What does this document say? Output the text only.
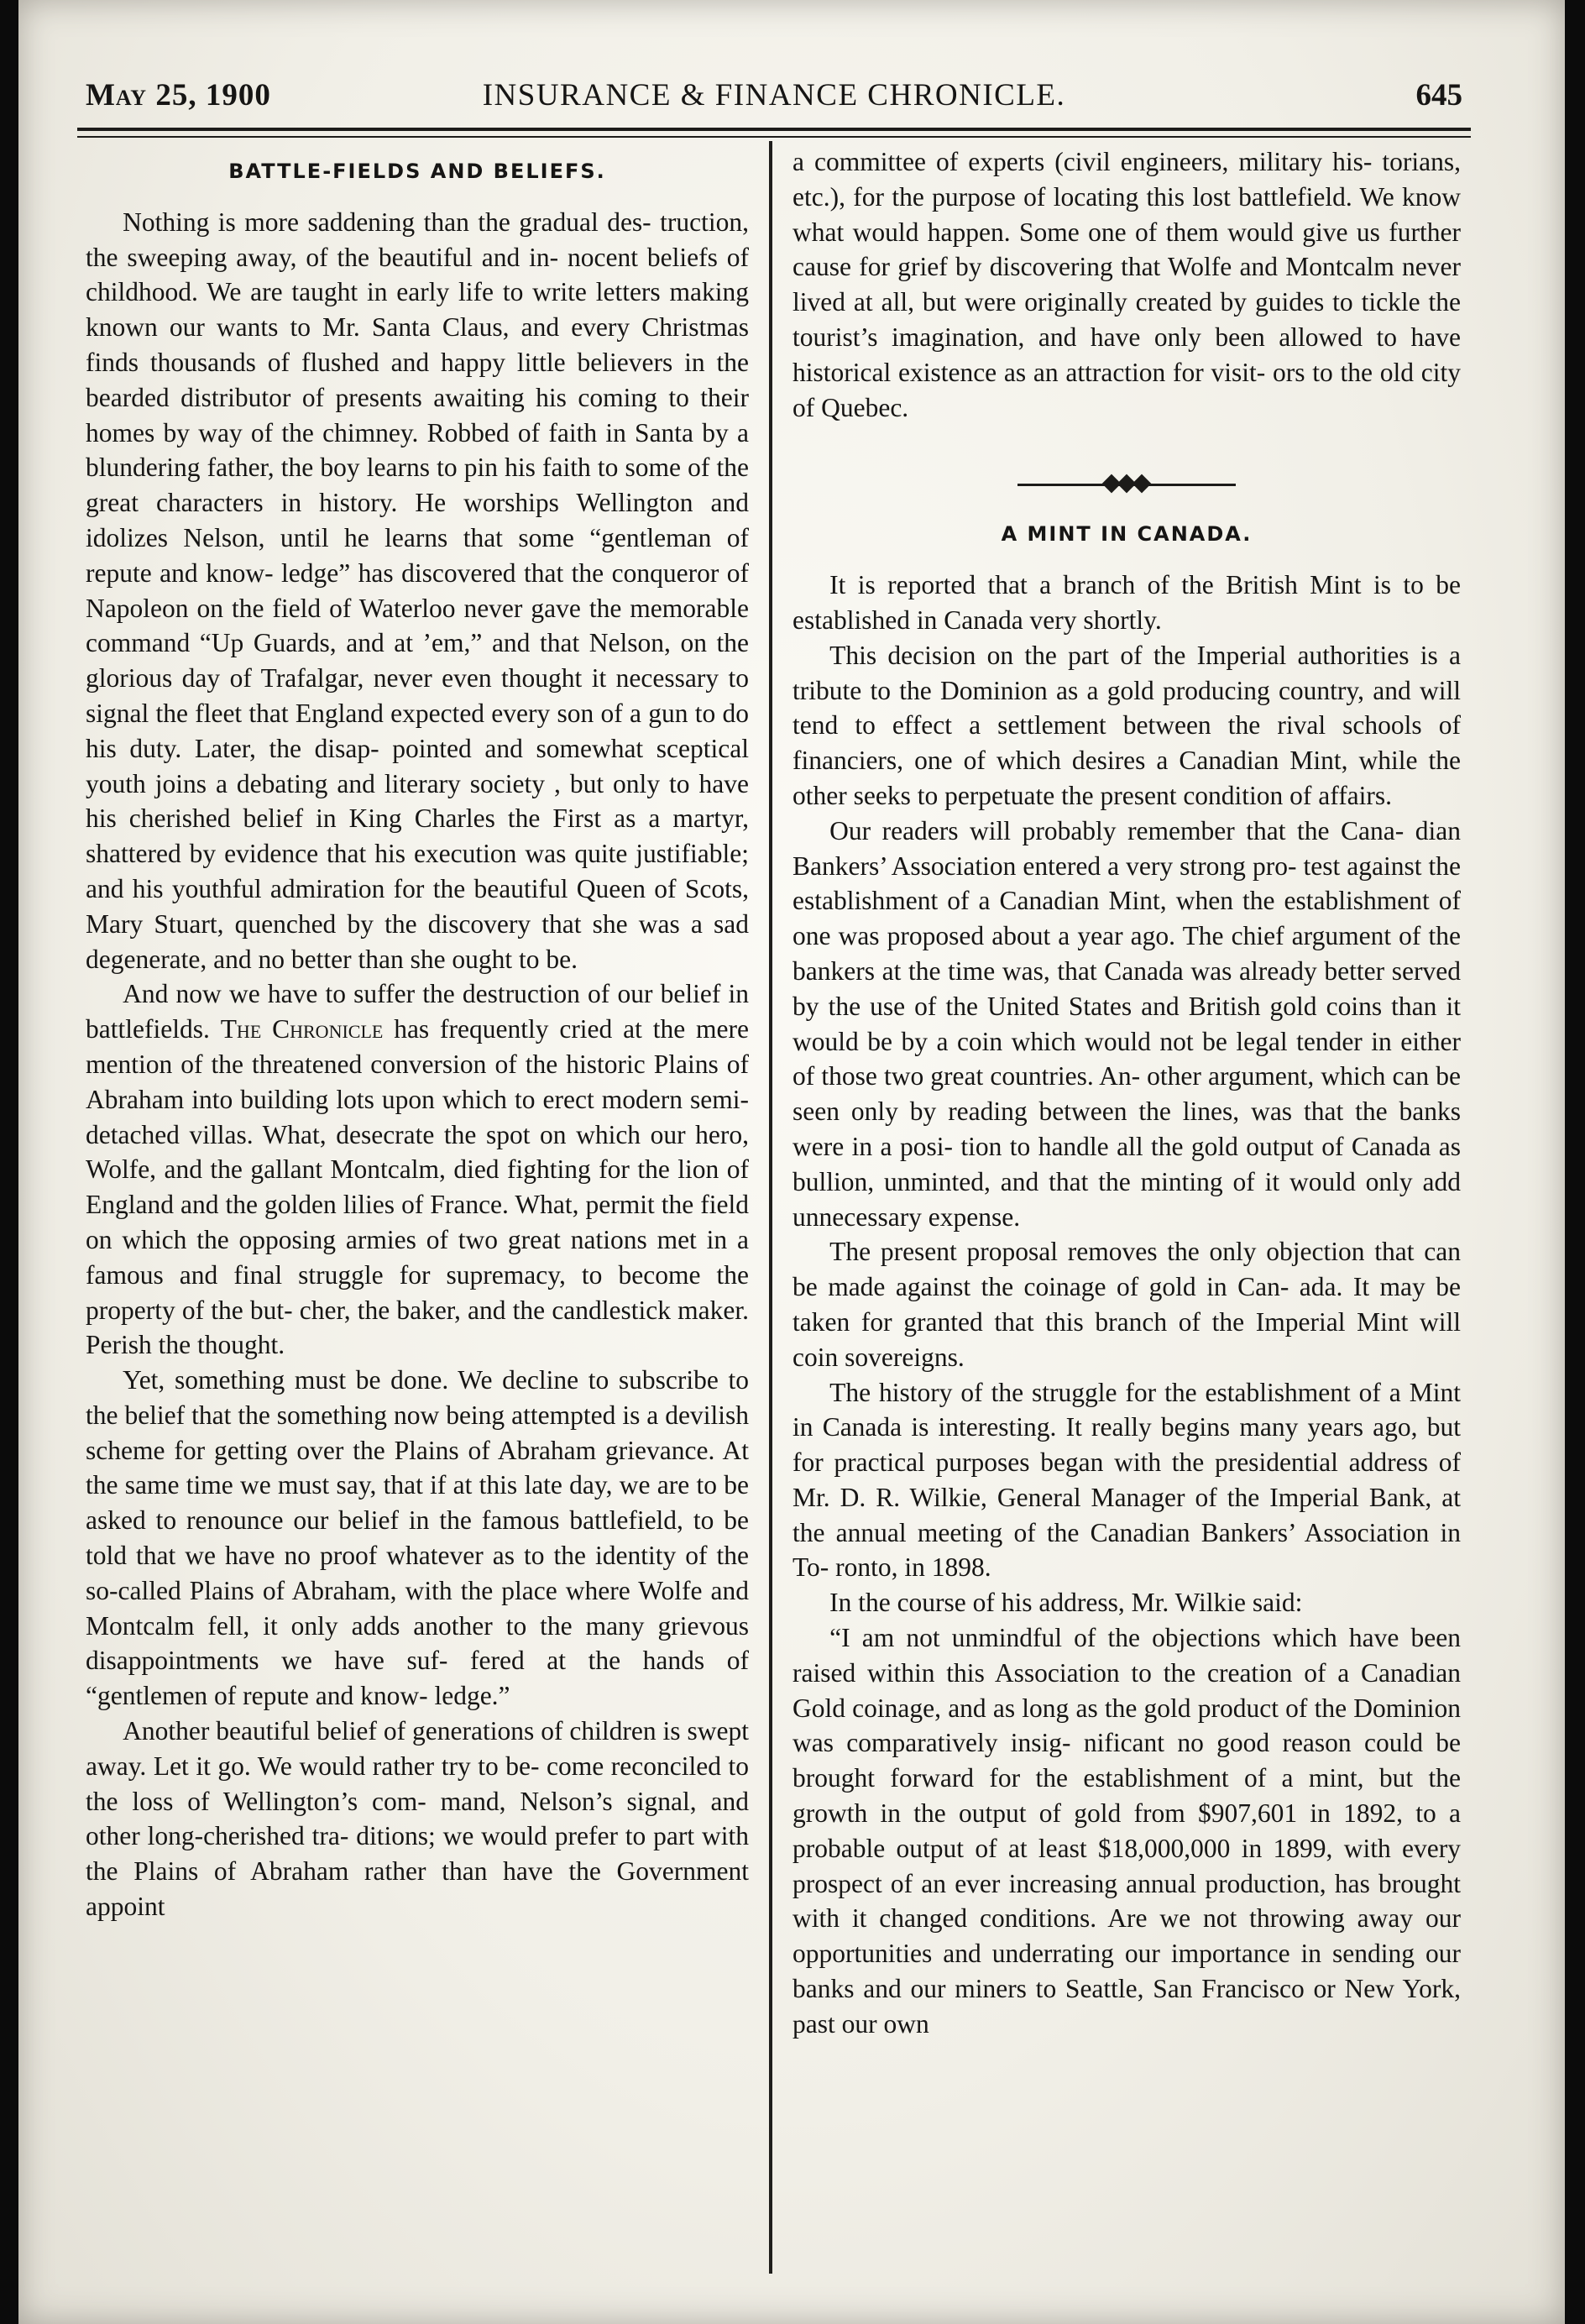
May 25, 1900	INSURANCE & FINANCE CHRONICLE.	645
BATTLE-FIELDS AND BELIEFS.

Nothing is more saddening than the gradual des- truction, the sweeping away, of the beautiful and in- nocent beliefs of childhood. We are taught in early life to write letters making known our wants to Mr. Santa Claus, and every Christmas finds thousands of flushed and happy little believers in the bearded distributor of presents awaiting his coming to their homes by way of the chimney. Robbed of faith in Santa by a blundering father, the boy learns to pin his faith to some of the great characters in history. He worships Wellington and idolizes Nelson, until he learns that some “gentleman of repute and know- ledge” has discovered that the conqueror of Napoleon on the field of Waterloo never gave the memorable command “Up Guards, and at ’em,” and that Nelson, on the glorious day of Trafalgar, never even thought it necessary to signal the fleet that England expected every son of a gun to do his duty. Later, the disap- pointed and somewhat sceptical youth joins a debating and literary society , but only to have his cherished belief in King Charles the First as a martyr, shattered by evidence that his execution was quite justifiable; and his youthful admiration for the beautiful Queen of Scots, Mary Stuart, quenched by the discovery that she was a sad degenerate, and no better than she ought to be.

And now we have to suffer the destruction of our belief in battlefields. The Chronicle has frequently cried at the mere mention of the threatened conversion of the historic Plains of Abraham into building lots upon which to erect modern semi-detached villas. What, desecrate the spot on which our hero, Wolfe, and the gallant Montcalm, died fighting for the lion of England and the golden lilies of France. What, permit the field on which the opposing armies of two great nations met in a famous and final struggle for supremacy, to become the property of the but- cher, the baker, and the candlestick maker. Perish the thought.

Yet, something must be done. We decline to subscribe to the belief that the something now being attempted is a devilish scheme for getting over the Plains of Abraham grievance. At the same time we must say, that if at this late day, we are to be asked to renounce our belief in the famous battlefield, to be told that we have no proof whatever as to the identity of the so-called Plains of Abraham, with the place where Wolfe and Montcalm fell, it only adds another to the many grievous disappointments we have suf- fered at the hands of “gentlemen of repute and know- ledge.”

Another beautiful belief of generations of children is swept away. Let it go. We would rather try to be- come reconciled to the loss of Wellington’s com- mand, Nelson’s signal, and other long-cherished tra- ditions; we would prefer to part with the Plains of Abraham rather than have the Government appoint

a committee of experts (civil engineers, military his- torians, etc.), for the purpose of locating this lost battlefield. We know what would happen. Some one of them would give us further cause for grief by discovering that Wolfe and Montcalm never lived at all, but were originally created by guides to tickle the tourist’s imagination, and have only been allowed to have historical existence as an attraction for visit- ors to the old city of Quebec.

A MINT IN CANADA.

It is reported that a branch of the British Mint is to be established in Canada very shortly.

This decision on the part of the Imperial authorities is a tribute to the Dominion as a gold producing country, and will tend to effect a settlement between the rival schools of financiers, one of which desires a Canadian Mint, while the other seeks to perpetuate the present condition of affairs.

Our readers will probably remember that the Cana- dian Bankers’ Association entered a very strong pro- test against the establishment of a Canadian Mint, when the establishment of one was proposed about a year ago. The chief argument of the bankers at the time was, that Canada was already better served by the use of the United States and British gold coins than it would be by a coin which would not be legal tender in either of those two great countries. An- other argument, which can be seen only by reading between the lines, was that the banks were in a posi- tion to handle all the gold output of Canada as bullion, unminted, and that the minting of it would only add unnecessary expense.

The present proposal removes the only objection that can be made against the coinage of gold in Can- ada. It may be taken for granted that this branch of the Imperial Mint will coin sovereigns.

The history of the struggle for the establishment of a Mint in Canada is interesting. It really begins many years ago, but for practical purposes began with the presidential address of Mr. D. R. Wilkie, General Manager of the Imperial Bank, at the annual meeting of the Canadian Bankers’ Association in To- ronto, in 1898.

In the course of his address, Mr. Wilkie said:

“I am not unmindful of the objections which have been raised within this Association to the creation of a Canadian Gold coinage, and as long as the gold product of the Dominion was comparatively insig- nificant no good reason could be brought forward for the establishment of a mint, but the growth in the output of gold from $907,601 in 1892, to a probable output of at least $18,000,000 in 1899, with every prospect of an ever increasing annual production, has brought with it changed conditions. Are we not throwing away our opportunities and underrating our importance in sending our banks and our miners to Seattle, San Francisco or New York, past our own
